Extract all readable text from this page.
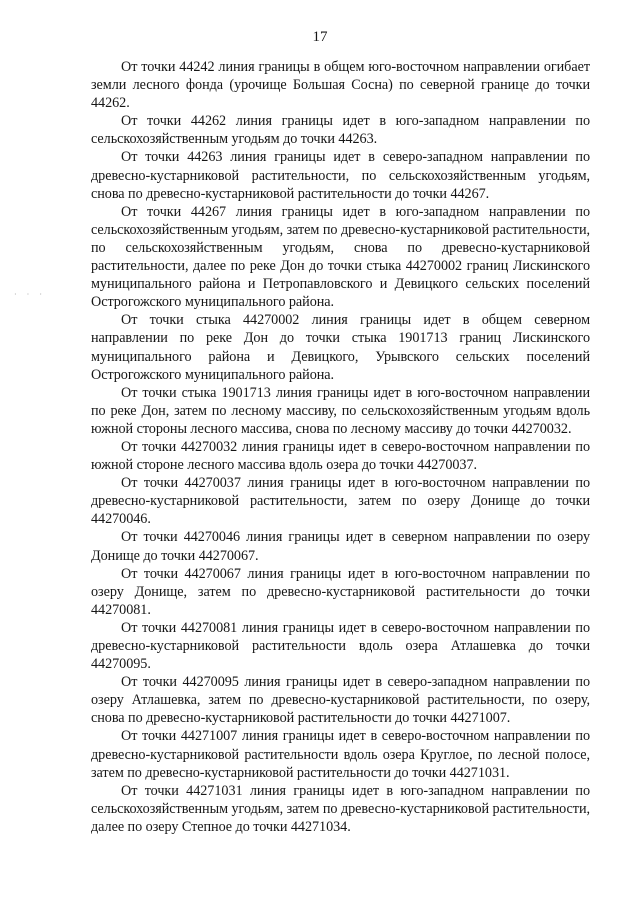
17
· · ·

От точки 44242 линия границы в общем юго-восточном направлении огибает земли лесного фонда (урочище Большая Сосна) по северной границе до точки 44262.

От точки 44262 линия границы идет в юго-западном направлении по сельскохозяйственным угодьям до точки 44263.

От точки 44263 линия границы идет в северо-западном направлении по древесно-кустарниковой растительности, по сельскохозяйственным угодьям, снова по древесно-кустарниковой растительности до точки 44267.

От точки 44267 линия границы идет в юго-западном направлении по сельскохозяйственным угодьям, затем по древесно-кустарниковой растительности, по сельскохозяйственным угодьям, снова по древесно-кустарниковой растительности, далее по реке Дон до точки стыка 44270002 границ Лискинского муниципального района и Петропавловского и Девицкого сельских поселений Острогожского муниципального района.

От точки стыка 44270002 линия границы идет в общем северном направлении по реке Дон до точки стыка 1901713 границ Лискинского муниципального района и Девицкого, Урывского сельских поселений Острогожского муниципального района.

От точки стыка 1901713 линия границы идет в юго-восточном направлении по реке Дон, затем по лесному массиву, по сельскохозяйственным угодьям вдоль южной стороны лесного массива, снова по лесному массиву до точки 44270032.

От точки 44270032 линия границы идет в северо-восточном направлении по южной стороне лесного массива вдоль озера до точки 44270037.

От точки 44270037 линия границы идет в юго-восточном направлении по древесно-кустарниковой растительности, затем по озеру Донище до точки 44270046.

От точки 44270046 линия границы идет в северном направлении по озеру Донище до точки 44270067.

От точки 44270067 линия границы идет в юго-восточном направлении по озеру Донище, затем по древесно-кустарниковой растительности до точки 44270081.

От точки 44270081 линия границы идет в северо-восточном направлении по древесно-кустарниковой растительности вдоль озера Атлашевка до точки 44270095.

От точки 44270095 линия границы идет в северо-западном направлении по озеру Атлашевка, затем по древесно-кустарниковой растительности, по озеру, снова по древесно-кустарниковой растительности до точки 44271007.

От точки 44271007 линия границы идет в северо-восточном направлении по древесно-кустарниковой растительности вдоль озера Круглое, по лесной полосе, затем по древесно-кустарниковой растительности до точки 44271031.

От точки 44271031 линия границы идет в юго-западном направлении по сельскохозяйственным угодьям, затем по древесно-кустарниковой растительности, далее по озеру Степное до точки 44271034.
